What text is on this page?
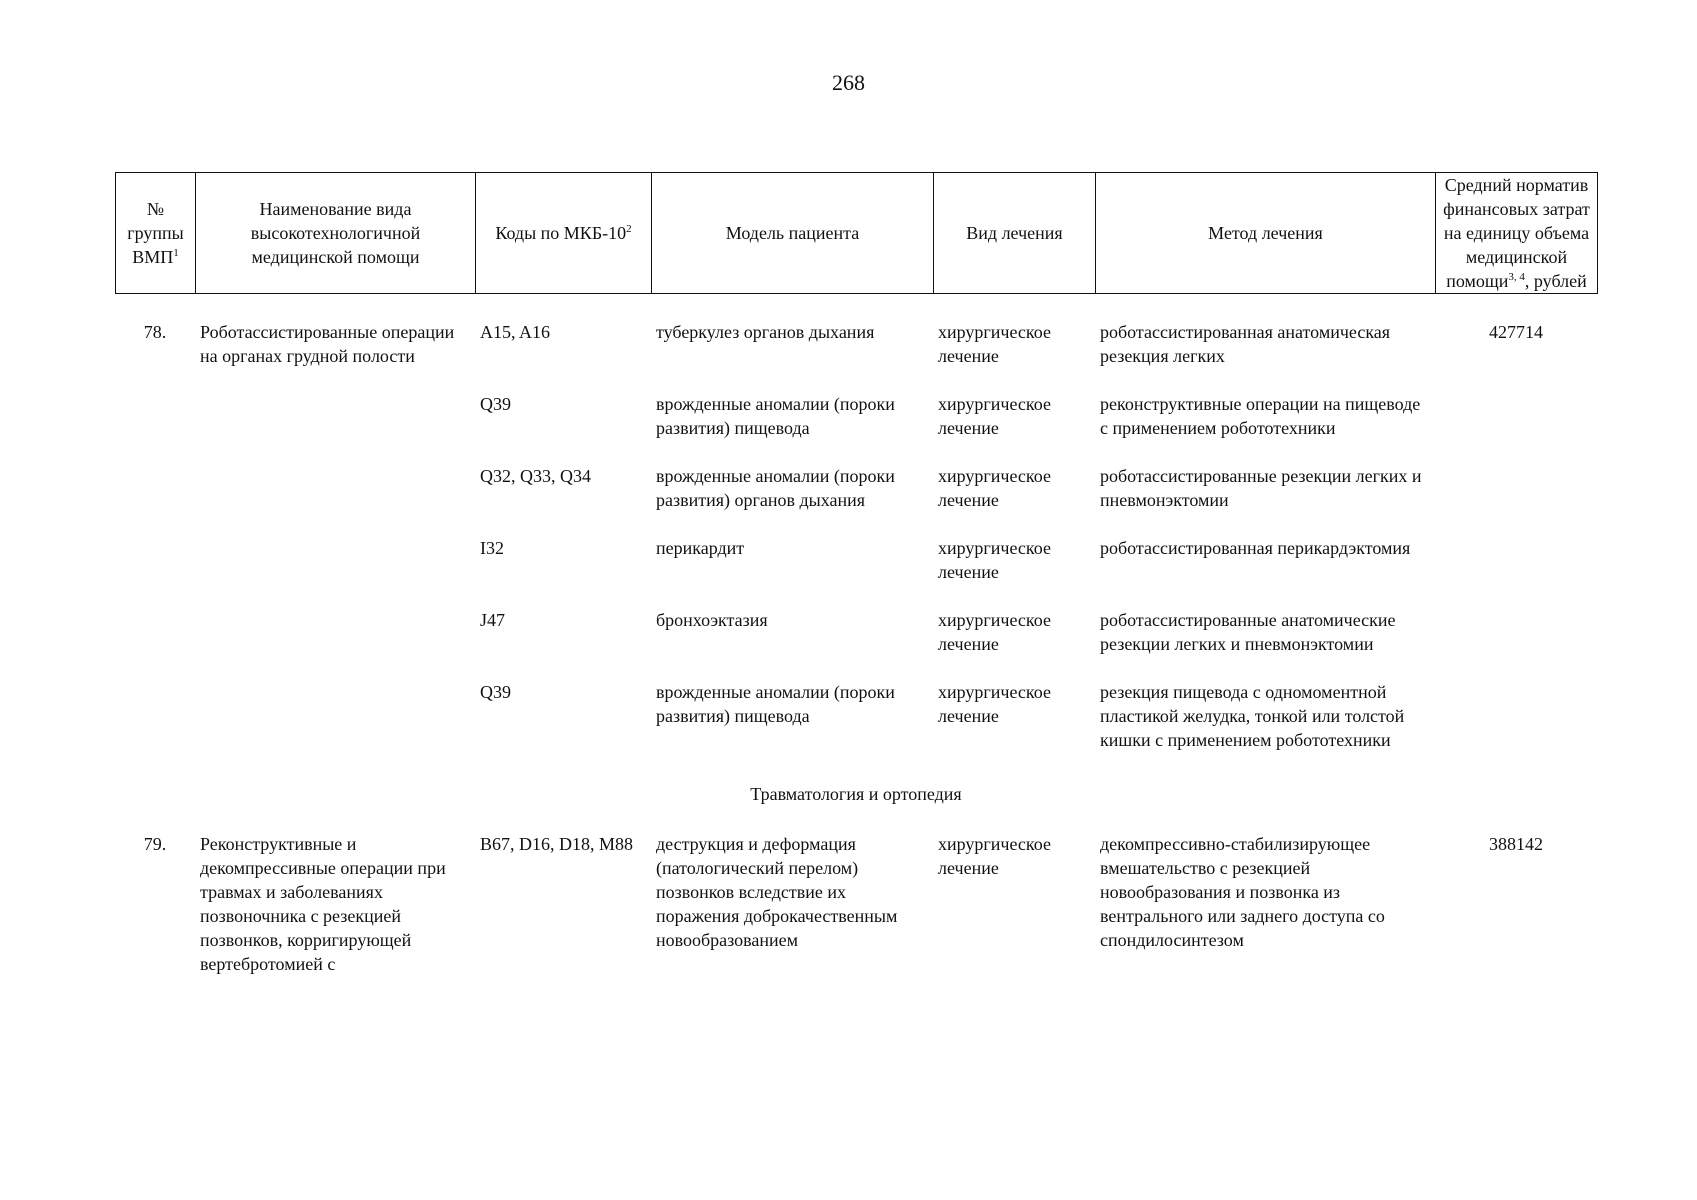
268
№ группы ВМП$^1$	Наименование вида высокотехнологичной медицинской помощи	Коды по МКБ-$10^2$	Модель пациента	Вид лечения	Метод лечения	Средний норматив финансовых затрат на единицу объема медицинской помощи$^{3, 4}$, рублей
78.	Роботассистированные операции на органах грудной полости	A15, A16	туберкулез органов дыхания	хирургическое лечение	роботассистированная анатомическая резекция легких	427714

		Q39	врожденные аномалии (пороки развития) пищевода	хирургическое лечение	реконструктивные операции на пищеводе с применением робототехники	

		Q32, Q33, Q34	врожденные аномалии (пороки развития) органов дыхания	хирургическое лечение	роботассистированные резекции легких и пневмонэктомии	

		I32	перикардит	хирургическое лечение	роботассистированная перикардэктомия	

		J47	бронхоэктазия	хирургическое лечение	роботассистированные анатомические резекции легких и пневмонэктомии	

		Q39	врожденные аномалии (пороки развития) пищевода	хирургическое лечение	резекция пищевода с одномоментной пластикой желудка, тонкой или толстой кишки с применением робототехники	
Травматология и ортопедия						
79.	Реконструктивные и декомпрессивные операции при травмах и заболеваниях позвоночника с резекцией позвонков, корригирующей вертебротомией с	B67, D16, D18, M88	деструкция и деформация (патологический перелом) позвонков вследствие их поражения доброкачественным новообразованием	хирургическое лечение	декомпрессивно-стабилизирующее вмешательство с резекцией новообразования и позвонка из вентрального или заднего доступа со спондилосинтезом	388142
